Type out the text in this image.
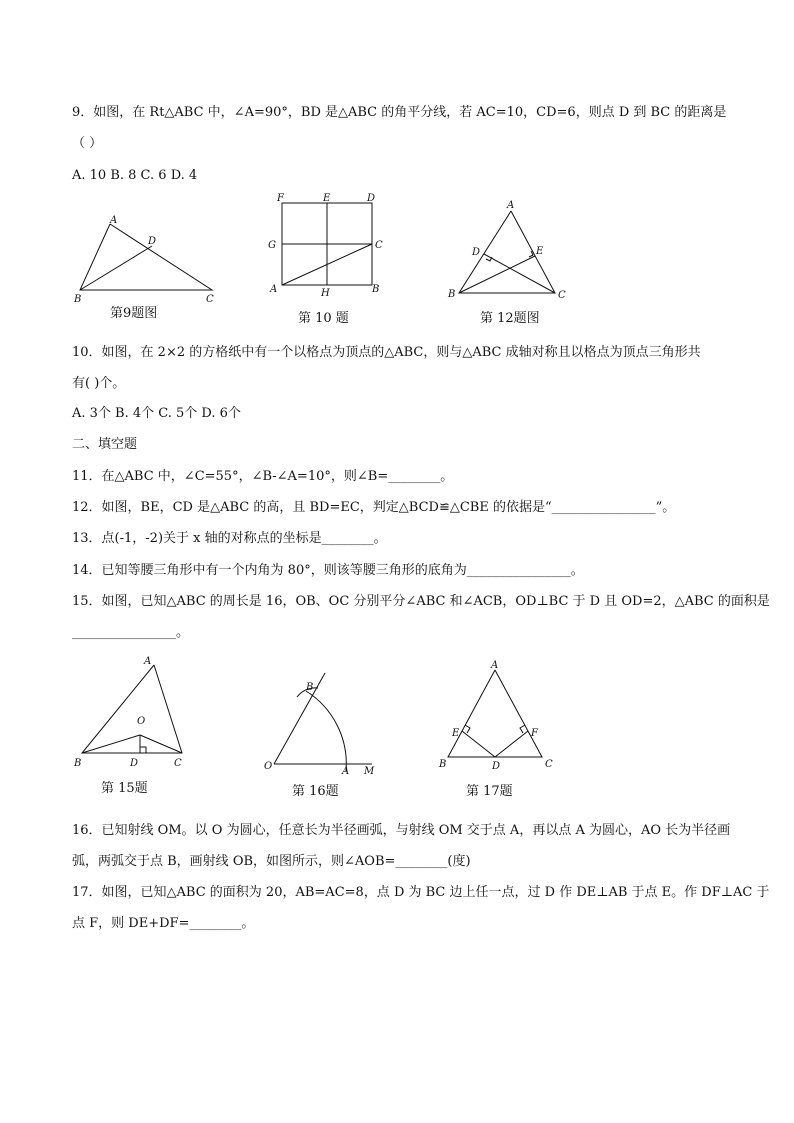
9．如图，在 Rt△ABC 中，∠A=90°，BD 是△ABC 的角平分线，若 AC=10，CD=6，则点 D 到 BC 的距离是
（ ）
A. 10 B. 8 C. 6 D. 4
A
D
B	C
第9题图
F	E	D
G	C
A	H	B
第 10 题
A
D	E
B	C
第 12题图
10．如图，在 2×2 的方格纸中有一个以格点为顶点的△ABC，则与△ABC 成轴对称且以格点为顶点三角形共
有( )个。
A. 3个 B. 4个 C. 5个 D. 6个
二、填空题
11．在△ABC 中，∠C=55°，∠B-∠A=10°，则∠B=________。
12．如图，BE，CD 是△ABC 的高，且 BD=EC，判定△BCD≌△CBE 的依据是“________________”。
13．点(-1，-2)关于 x 轴的对称点的坐标是________。
14．已知等腰三角形中有一个内角为 80°，则该等腰三角形的底角为________________。
15．如图，已知△ABC 的周长是 16，OB、OC 分别平分∠ABC 和∠ACB，OD⊥BC 于 D 且 OD=2，△ABC 的面积是
________________。
A
O
B	D	C
第 15题
B
O	A M
第 16题
A
E	F
B	D	C
第 17题
16．已知射线 OM。以 O 为圆心，任意长为半径画弧，与射线 OM 交于点 A，再以点 A 为圆心，AO 长为半径画
弧，两弧交于点 B，画射线 OB，如图所示，则∠AOB=________(度)
17．如图，已知△ABC 的面积为 20，AB=AC=8，点 D 为 BC 边上任一点，过 D 作 DE⊥AB 于点 E。作 DF⊥AC 于
点 F，则 DE+DF=________。
